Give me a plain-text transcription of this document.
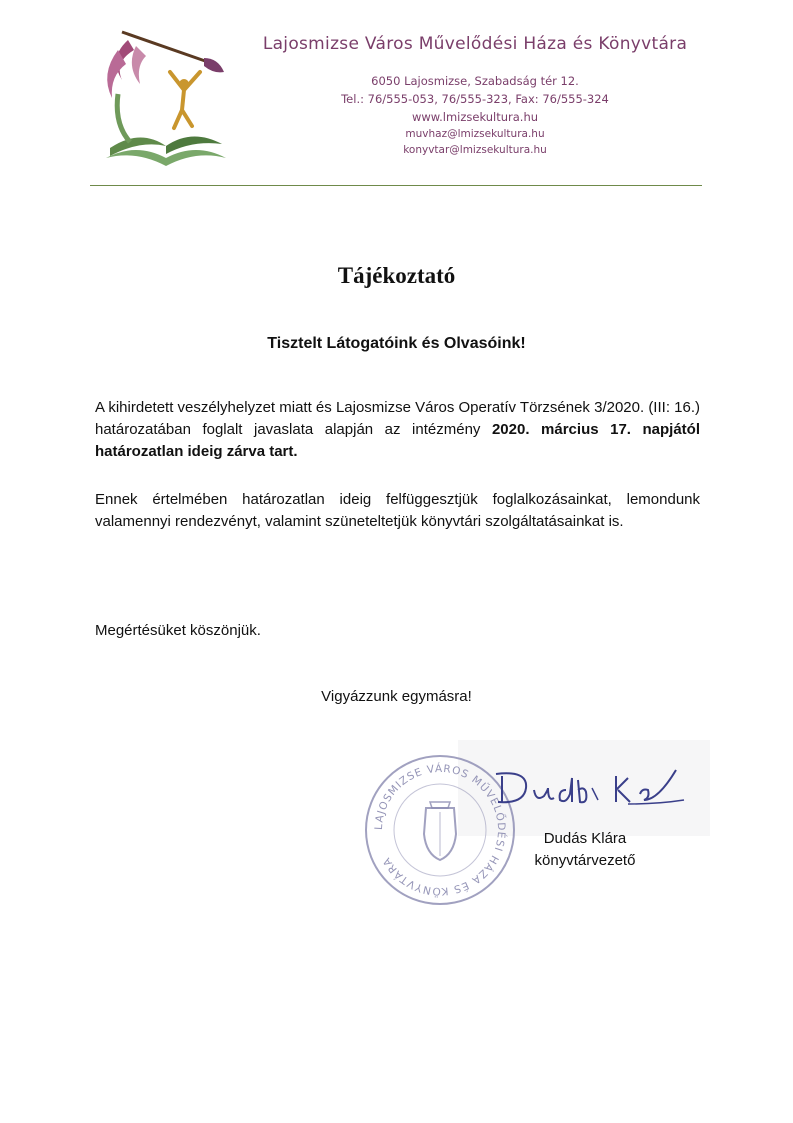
Lajosmizse Város Művelődési Háza és Könyvtára
6050 Lajosmizse, Szabadság tér 12.
Tel.: 76/555-053, 76/555-323, Fax: 76/555-324
www.lmizsekultura.hu
muvhaz@lmizsekultura.hu
konyvtar@lmizsekultura.hu
Tájékoztató

Tisztelt Látogatóink és Olvasóink!

A kihirdetett veszélyhelyzet miatt és Lajosmizse Város Operatív Törzsének 3/2020. (III: 16.) határozatában foglalt javaslata alapján az intézmény 2020. március 17. napjától határozatlan ideig zárva tart.

Ennek értelmében határozatlan ideig felfüggesztjük foglalkozásainkat, lemondunk valamennyi rendezvényt, valamint szüneteltetjük könyvtári szolgáltatásainkat is.

Megértésüket köszönjük.

Vigyázzunk egymásra!

LAJOSMIZSE VÁROS MŰVELŐDÉSI HÁZA ÉS KÖNYVTÁRA
Dudás Klára
könyvtárvezető
